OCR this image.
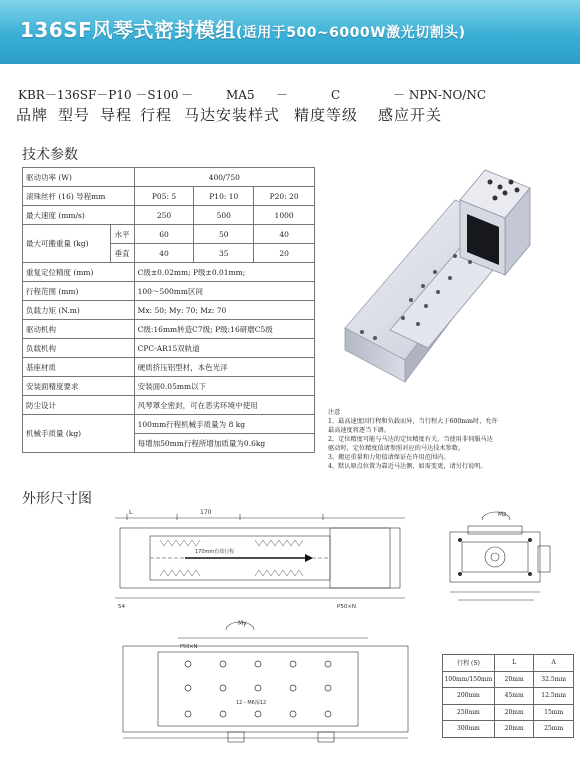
136SF风琴式密封模组(适用于500~6000W激光切割头)
KBR－136SF－P10 －S100 －	MA5 －	C	－ NPN-NO/NC
品牌 型号 导程 行程 马达安装样式 精度等级 感应开关
技术参数
驱动功率 (W)		400/750		
滚珠丝杆 (16) 导程mm		P05: 5	P10: 10	P20: 20
最大速度 (mm/s)		250	500	1000
最大可搬重量 (kg)	水平	60	50	40
	垂直	40	35	20
重复定位精度 (mm)		C级±0.02mm; P级±0.01mm;		
行程范围 (mm)		100～500mm区间		
负载力矩 (N.m)		Mx: 50; My: 70; Mz: 70		
驱动机构		C级:16mm转造C7级; P级:16研磨C5级		
负载机构		CPC-AR15双轨道		
基座材质		硬质挤压铝型材，本色光洋		
安装面精度要求		安装面0.05mm以下		
防尘设计		风琴罩全密封，可在恶劣环境中使用		
机械手质量 (kg)		100mm行程机械手质量为 8 kg		
		每增加50mm行程所增加质量为0.6kg		
注意
1、最高速度因行程和负载而异，当行程大于600mm时，允许
最高速度将逐当下调。
2、定位精度可能与马达的定位精度有关，当使用非伺服马达
驱动时，定位精度值请参照对应的马达技术参数。
3、搬运重量和力矩值请保证在许用范围内。
4、默认原点位置为靠近马达侧，如需变更，请另行说明。
外形尺寸图
L	170
170mm有效行程
P50×N
54
Mz
My
P50×N
12－M6深12
行程 (S)	L	A
100mm/150mm	20mm	32.5mm
200mm	45mm	12.5mm
250mm	20mm	15mm
300mm	20mm	25mm
